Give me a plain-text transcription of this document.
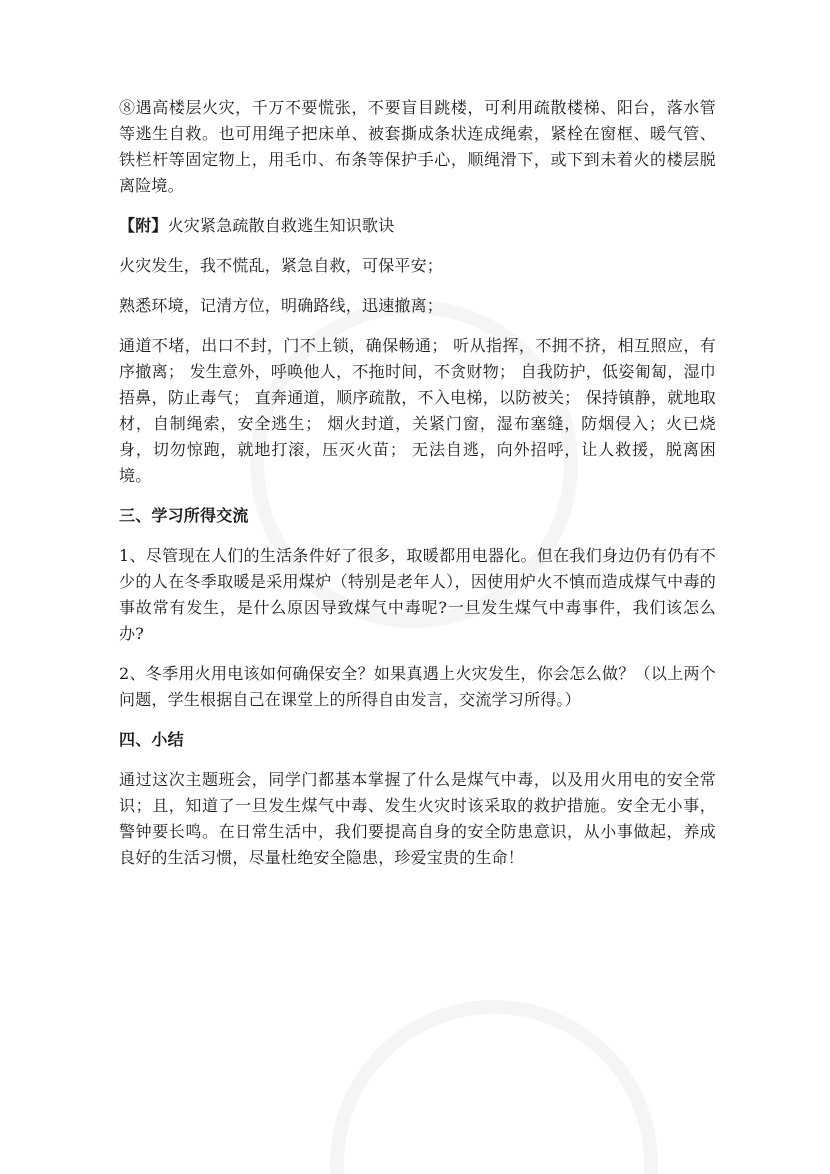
⑧遇高楼层火灾，千万不要慌张，不要盲目跳楼，可利用疏散楼梯、阳台，落水管等逃生自救。也可用绳子把床单、被套撕成条状连成绳索，紧栓在窗框、暖气管、铁栏杆等固定物上，用毛巾、布条等保护手心，顺绳滑下，或下到未着火的楼层脱离险境。

【附】火灾紧急疏散自救逃生知识歌诀

火灾发生，我不慌乱，紧急自救，可保平安；

熟悉环境，记清方位，明确路线，迅速撤离；

通道不堵，出口不封，门不上锁，确保畅通； 听从指挥，不拥不挤，相互照应，有序撤离； 发生意外，呼唤他人，不拖时间，不贪财物； 自我防护，低姿匍匐，湿巾捂鼻，防止毒气； 直奔通道，顺序疏散，不入电梯，以防被关； 保持镇静，就地取材，自制绳索，安全逃生； 烟火封道，关紧门窗，湿布塞缝，防烟侵入；火已烧身，切勿惊跑，就地打滚，压灭火苗； 无法自逃，向外招呼，让人救援，脱离困境。

三、学习所得交流

1、尽管现在人们的生活条件好了很多，取暖都用电器化。但在我们身边仍有仍有不少的人在冬季取暖是采用煤炉（特别是老年人），因使用炉火不慎而造成煤气中毒的事故常有发生，是什么原因导致煤气中毒呢?一旦发生煤气中毒事件，我们该怎么办?

2、冬季用火用电该如何确保安全？如果真遇上火灾发生，你会怎么做？（以上两个问题，学生根据自己在课堂上的所得自由发言，交流学习所得。）

四、小结

通过这次主题班会，同学门都基本掌握了什么是煤气中毒，以及用火用电的安全常识；且，知道了一旦发生煤气中毒、发生火灾时该采取的救护措施。安全无小事，警钟要长鸣。在日常生活中，我们要提高自身的安全防患意识，从小事做起，养成良好的生活习惯，尽量杜绝安全隐患，珍爱宝贵的生命！
